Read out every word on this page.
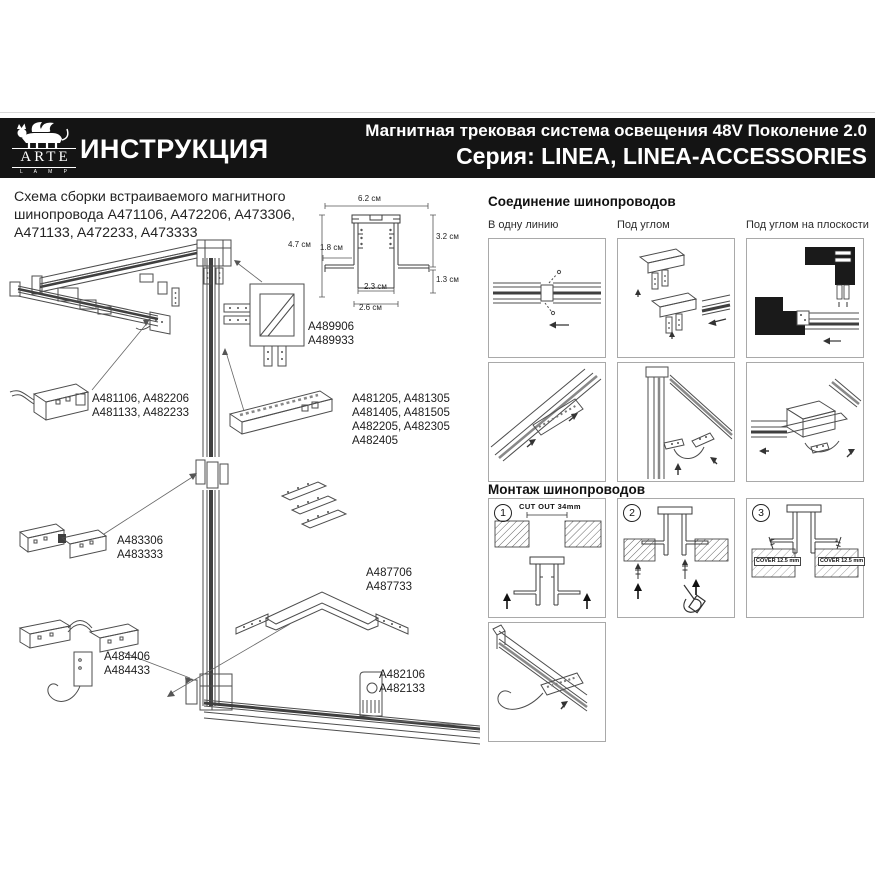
ARTE
L A M P
ИНСТРУКЦИЯ
Магнитная трековая система освещения 48V Поколение 2.0
Серия: LINEA, LINEA-ACCESSORIES
Схема сборки встраиваемого магнитного шинопровода A471106, A472206, A473306, A471133, A472233, A473333
6.2 см
4.7 см
3.2 см
1.8 см
1.3 см
2.3 см
2.6 см
A489906
A489933
A481106, A482206
A481133, A482233
A481205, A481305
A481405, A481505
A482205, A482305
A482405
A483306
A483333
A487706
A487733
A484406
A484433	A482106
A482133
Соединение шинопроводов
В одну линию	Под углом	Под углом на плоскости
Монтаж шинопроводов
1
CUT OUT 34mm
2	3
COVER 12.5 mm	COVER 12.5 mm
